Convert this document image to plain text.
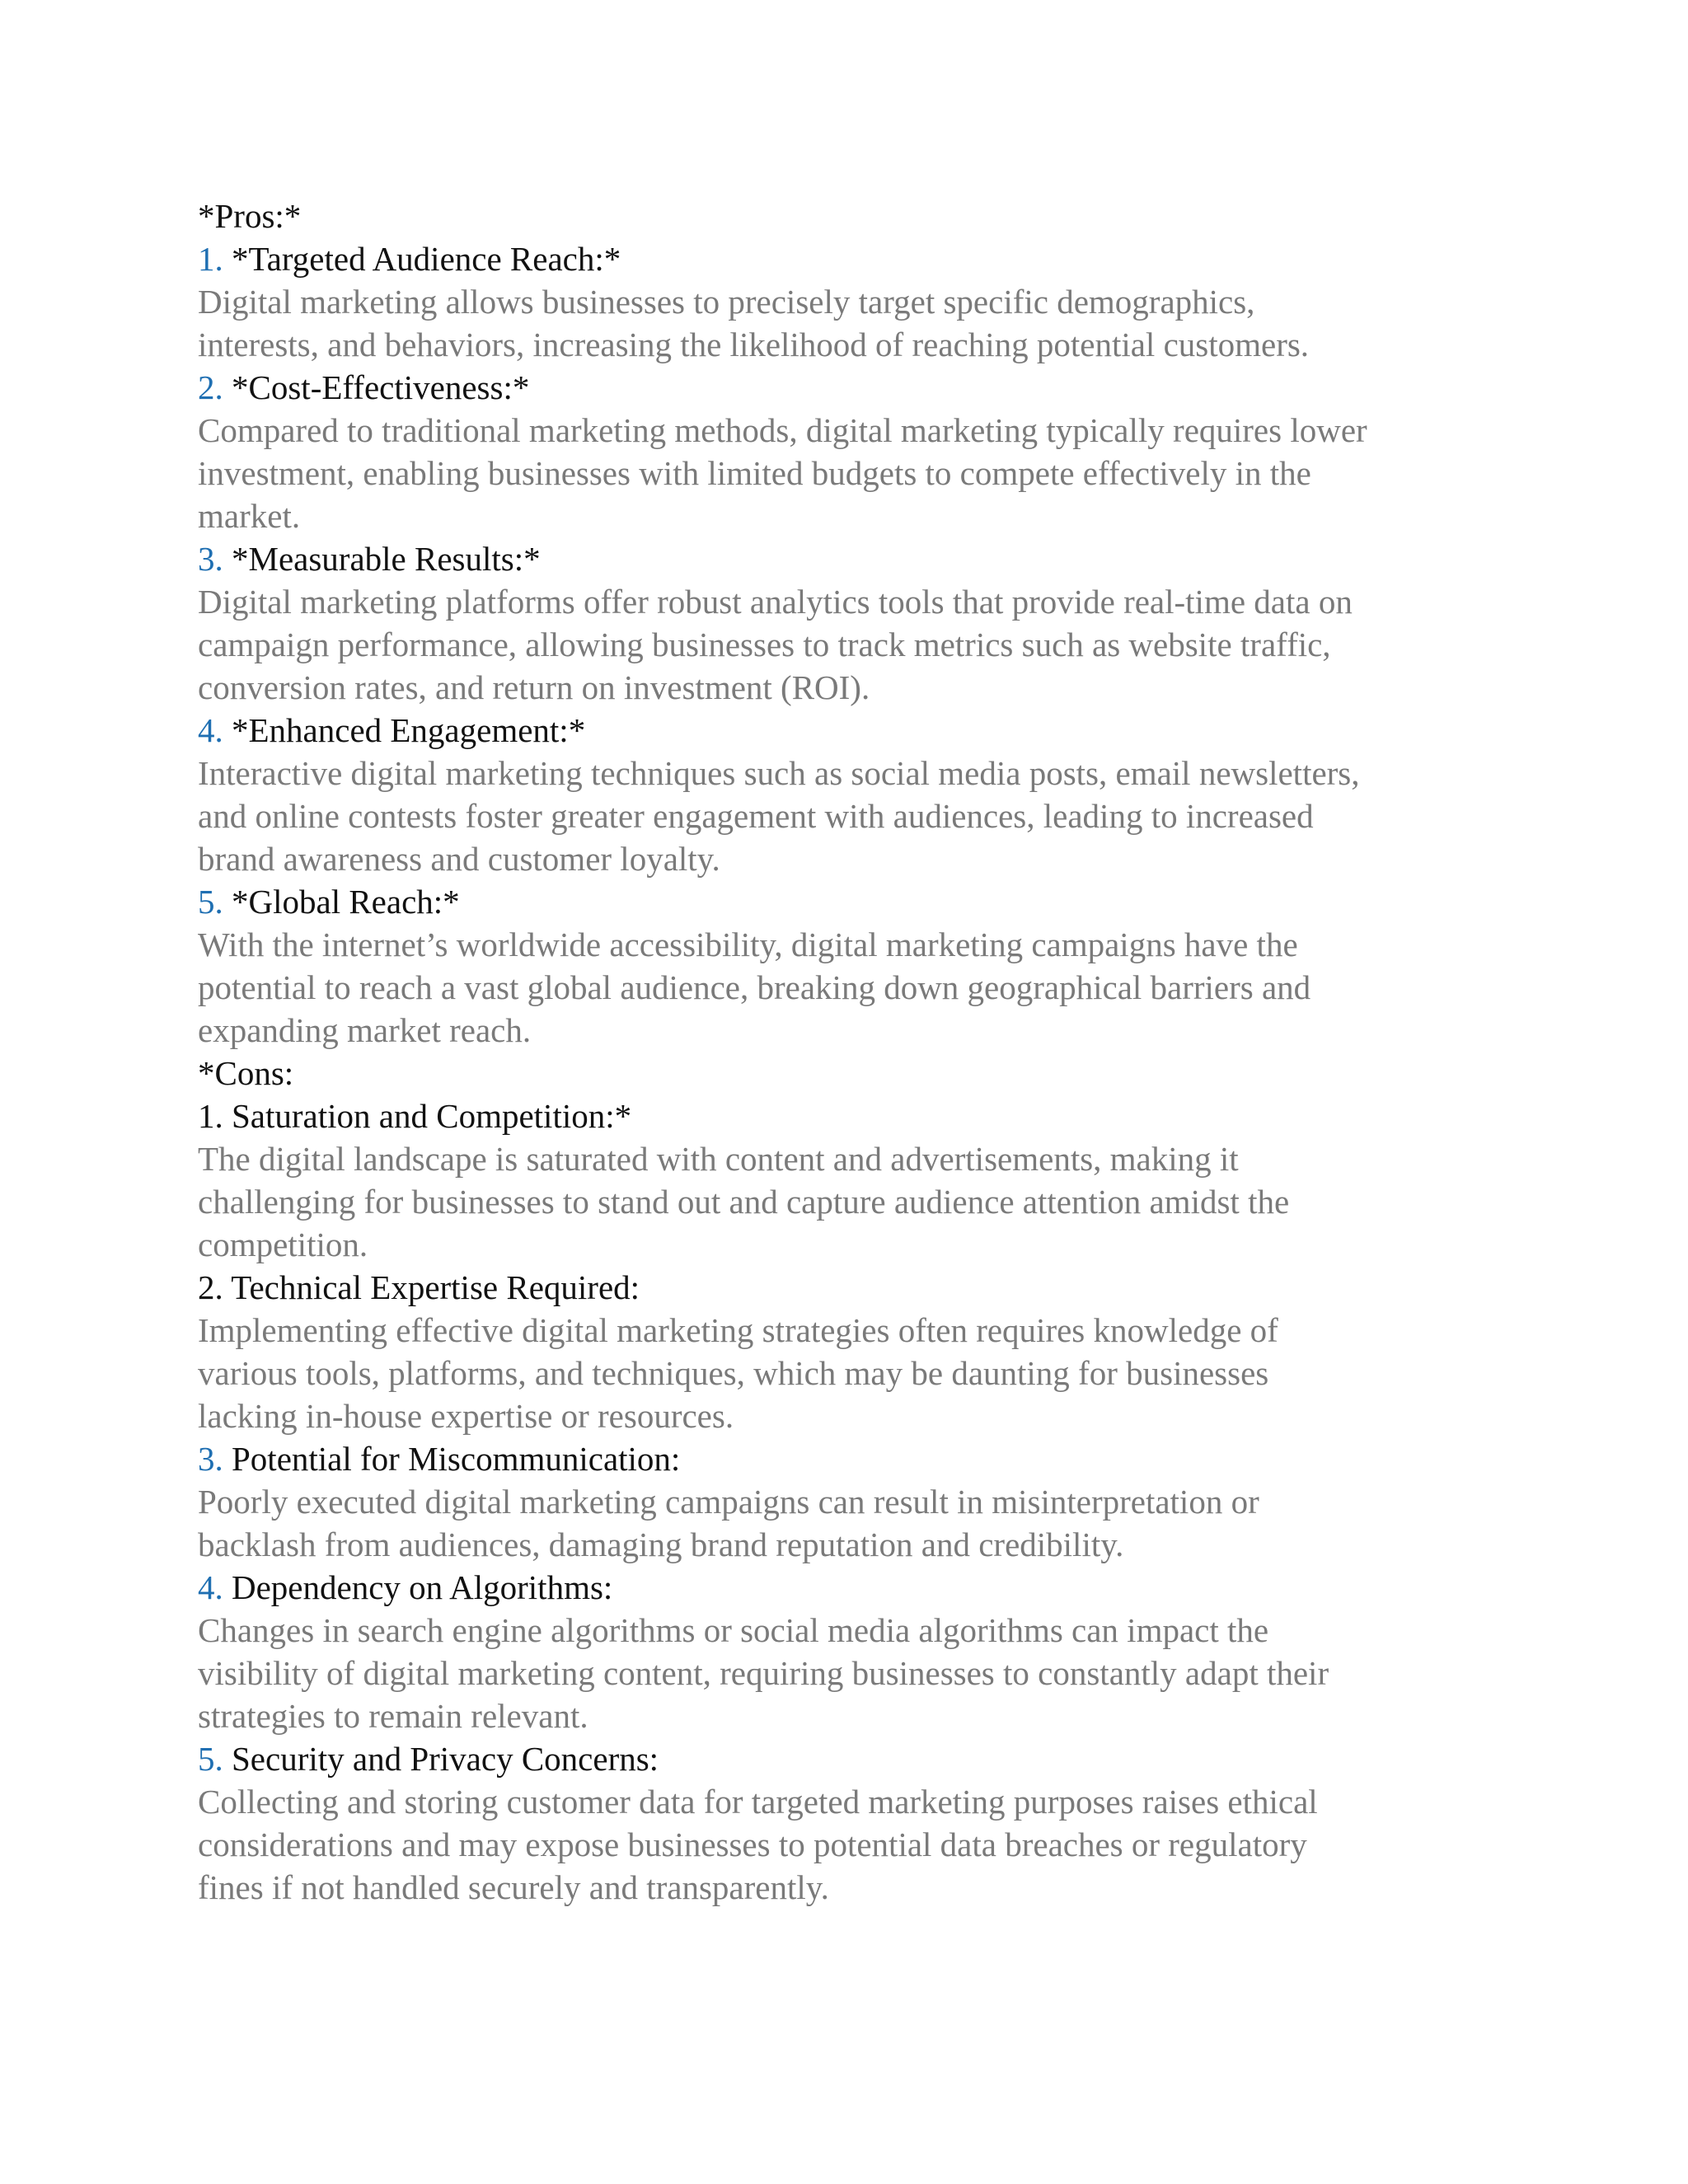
*Pros:*
1. *Targeted Audience Reach:*

Digital marketing allows businesses to precisely target specific demographics,
interests, and behaviors, increasing the likelihood of reaching potential customers.

2. *Cost-Effectiveness:*

Compared to traditional marketing methods, digital marketing typically requires lower
investment, enabling businesses with limited budgets to compete effectively in the
market.

3. *Measurable Results:*

Digital marketing platforms offer robust analytics tools that provide real-time data on
campaign performance, allowing businesses to track metrics such as website traffic,
conversion rates, and return on investment (ROI).

4. *Enhanced Engagement:*

Interactive digital marketing techniques such as social media posts, email newsletters,
and online contests foster greater engagement with audiences, leading to increased
brand awareness and customer loyalty.

5. *Global Reach:*

With the internet’s worldwide accessibility, digital marketing campaigns have the
potential to reach a vast global audience, breaking down geographical barriers and
expanding market reach.

*Cons:
1. Saturation and Competition:*

The digital landscape is saturated with content and advertisements, making it
challenging for businesses to stand out and capture audience attention amidst the
competition.

2. Technical Expertise Required:

Implementing effective digital marketing strategies often requires knowledge of
various tools, platforms, and techniques, which may be daunting for businesses
lacking in-house expertise or resources.

3. Potential for Miscommunication:

Poorly executed digital marketing campaigns can result in misinterpretation or
backlash from audiences, damaging brand reputation and credibility.

4. Dependency on Algorithms:

Changes in search engine algorithms or social media algorithms can impact the
visibility of digital marketing content, requiring businesses to constantly adapt their
strategies to remain relevant.

5. Security and Privacy Concerns:

Collecting and storing customer data for targeted marketing purposes raises ethical
considerations and may expose businesses to potential data breaches or regulatory
fines if not handled securely and transparently.
